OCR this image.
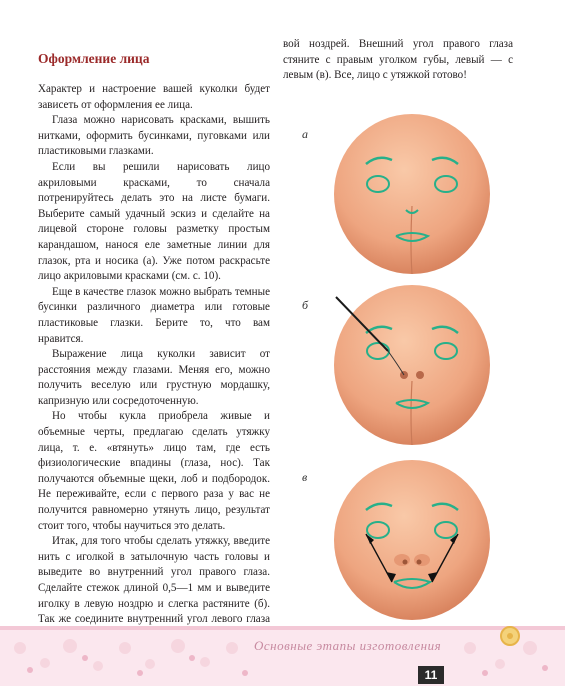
Оформление лица

Характер и настроение вашей куколки будет зависеть от оформления ее лица.

Глаза можно нарисовать красками, вышить нитками, оформить бусинками, пуговками или пластиковыми глазками.

Если вы решили нарисовать лицо акриловыми красками, то сначала потренируйтесь делать это на листе бумаги. Выберите самый удачный эскиз и сделайте на лицевой стороне головы разметку простым карандашом, нанося еле заметные линии для глазок, рта и носика (а). Уже потом раскрасьте лицо акриловыми красками (см. с. 10).

Еще в качестве глазок можно выбрать темные бусинки различного диаметра или готовые пластиковые глазки. Берите то, что вам нравится.

Выражение лица куколки зависит от расстояния между глазами. Меняя его, можно получить веселую или грустную мордашку, капризную или сосредоточенную.

Но чтобы кукла приобрела живые и объемные черты, предлагаю сделать утяжку лица, т. е. «втянуть» лицо там, где есть физиологические впадины (глаза, нос). Так получаются объемные щеки, лоб и подбородок. Не переживайте, если с первого раза у вас не получится равномерно утянуть лицо, результат стоит того, чтобы научиться это делать.

Итак, для того чтобы сделать утяжку, введите нить с иголкой в затылочную часть головы и выведите во внутренний угол правого глаза. Сделайте стежок длиной 0,5—1 мм и выведите иголку в левую ноздрю и слегка растяните (б). Так же соедините внутренний угол левого глаза

вой ноздрей. Внешний угол правого глаза стяните с правым уголком губы, левый — с левым (в). Все, лицо с утяжкой готово!

а
б
в
Основные этапы изготовления
11
